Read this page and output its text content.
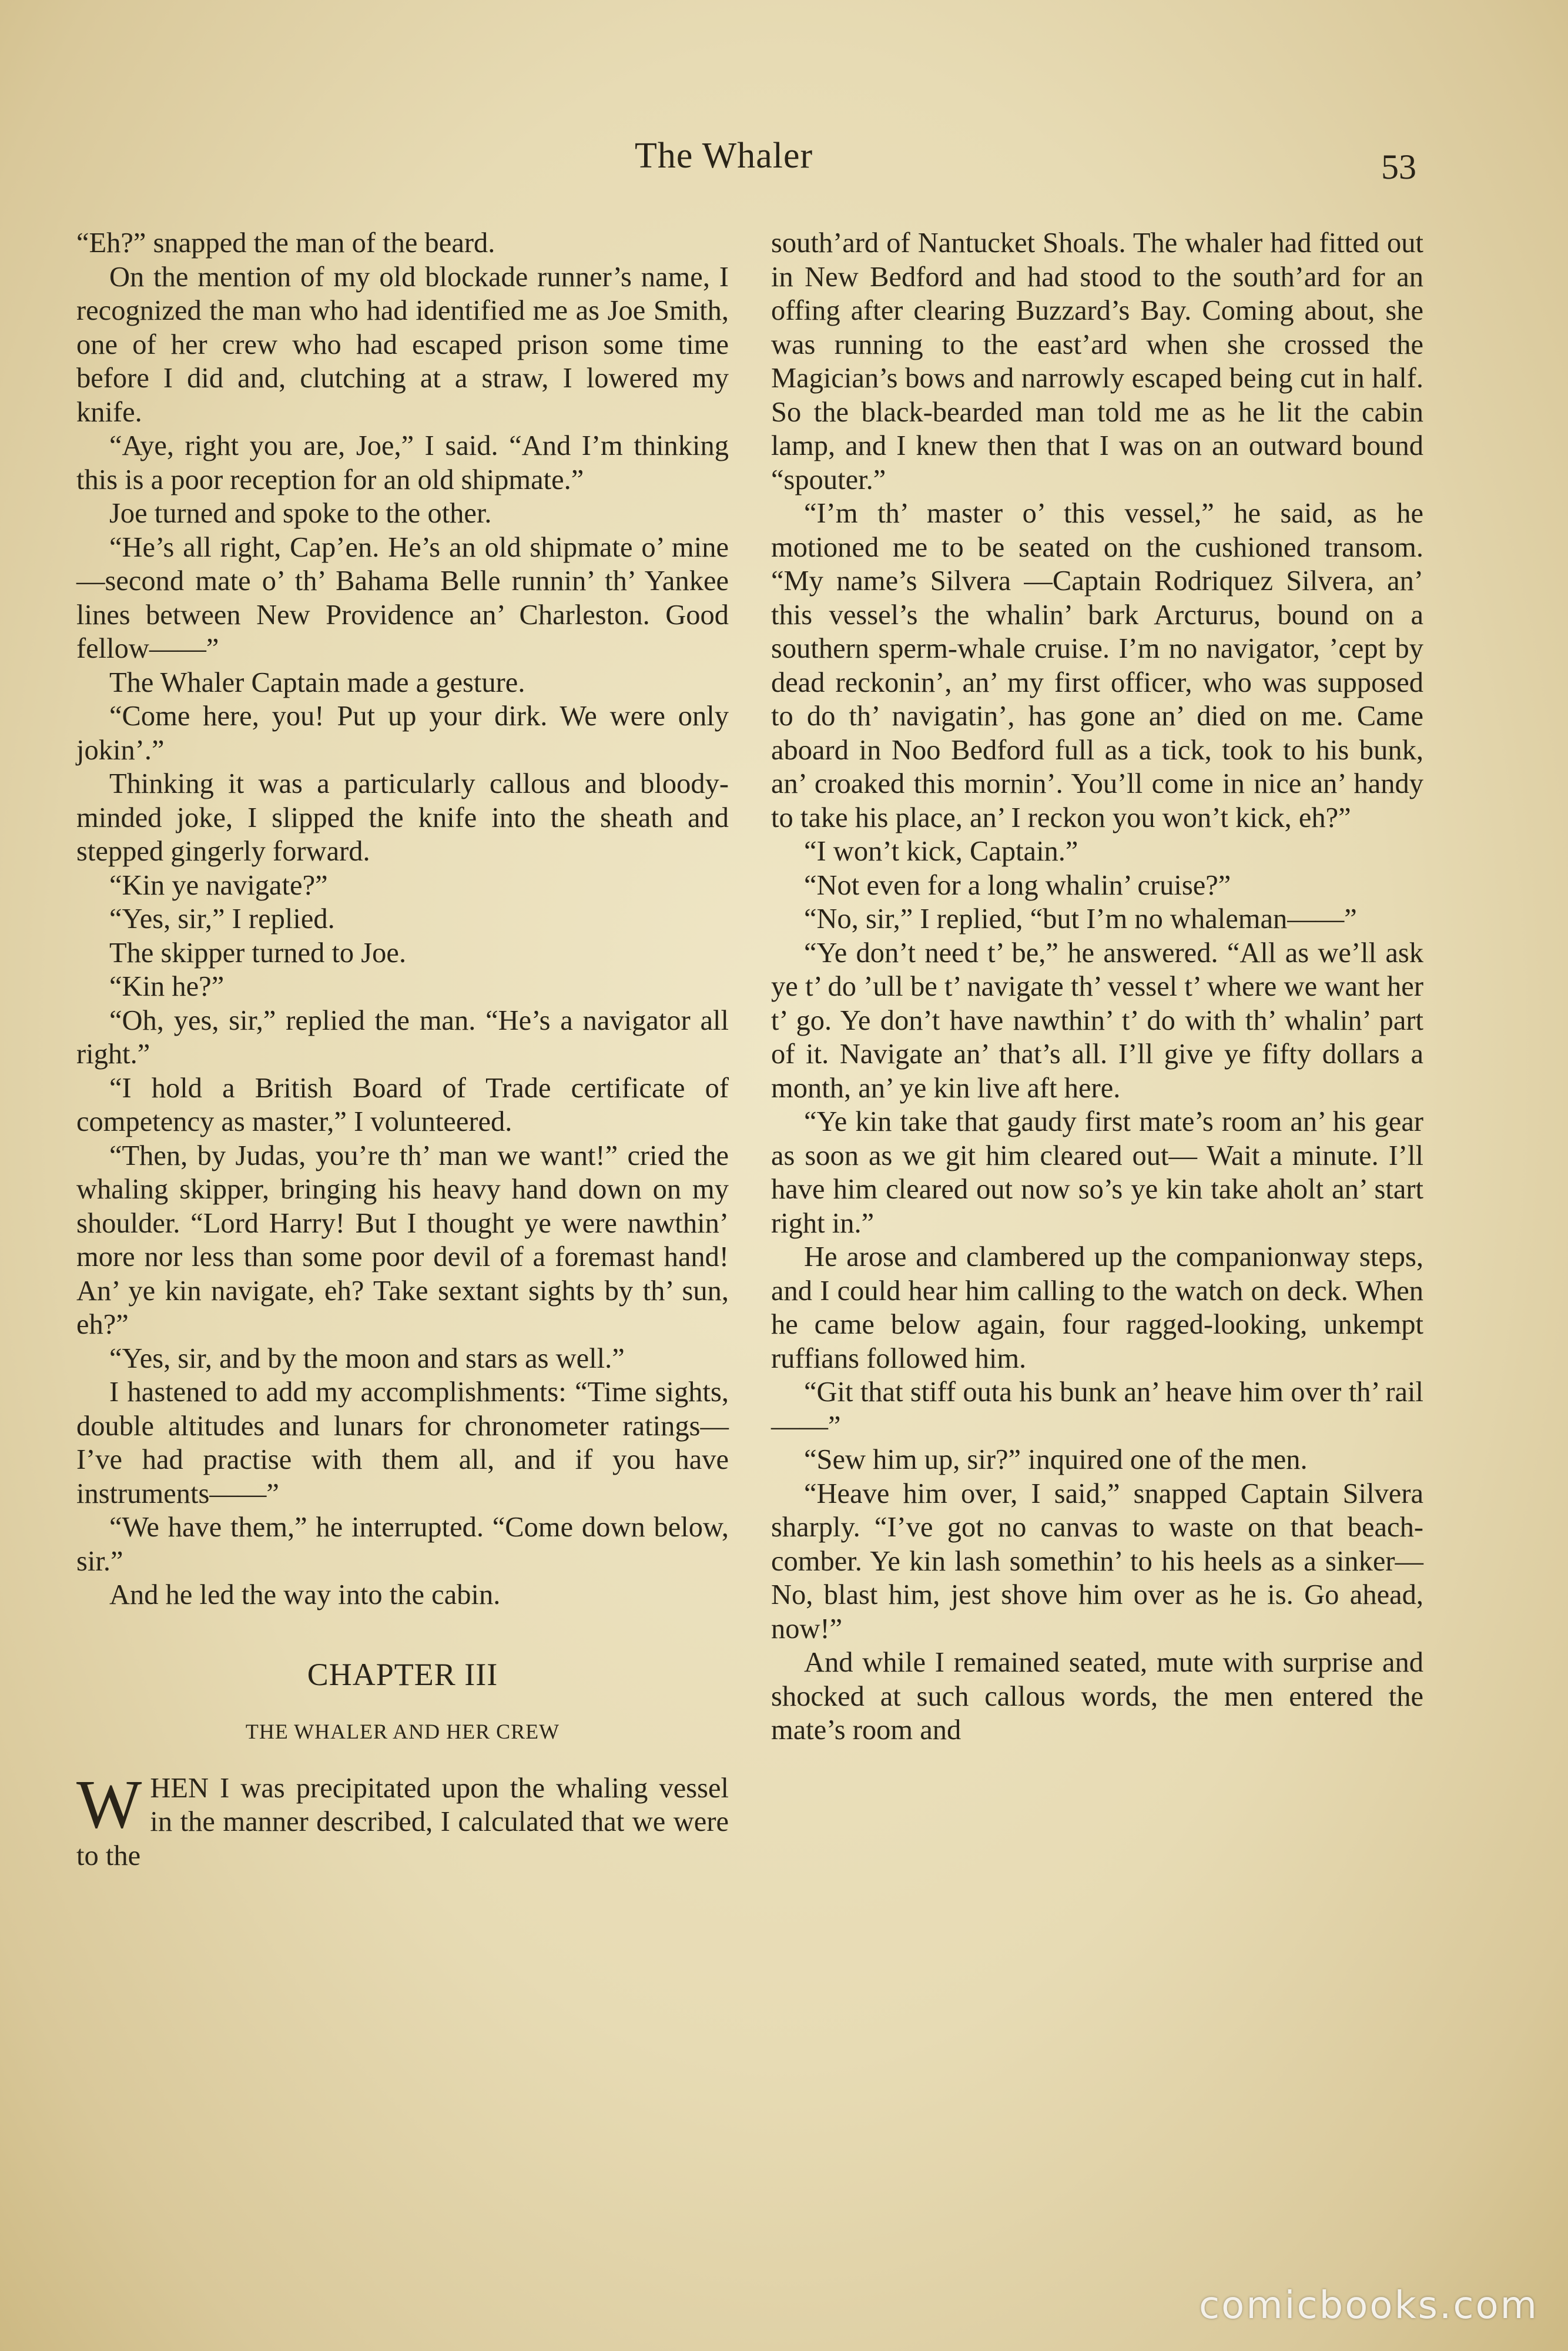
The Whaler	53

“Eh?” snapped the man of the beard.

On the mention of my old blockade runner’s name, I recognized the man who had identified me as Joe Smith, one of her crew who had escaped prison some time before I did and, clutching at a straw, I lowered my knife.

“Aye, right you are, Joe,” I said. “And I’m thinking this is a poor reception for an old shipmate.”

Joe turned and spoke to the other.

“He’s all right, Cap’en. He’s an old shipmate o’ mine—second mate o’ th’ Bahama Belle runnin’ th’ Yankee lines between New Providence an’ Charleston. Good fellow——”

The Whaler Captain made a gesture.

“Come here, you! Put up your dirk. We were only jokin’.”

Thinking it was a particularly callous and bloody-minded joke, I slipped the knife into the sheath and stepped gingerly forward.

“Kin ye navigate?”

“Yes, sir,” I replied.

The skipper turned to Joe.

“Kin he?”

“Oh, yes, sir,” replied the man. “He’s a navigator all right.”

“I hold a British Board of Trade certificate of competency as master,” I volunteered.

“Then, by Judas, you’re th’ man we want!” cried the whaling skipper, bringing his heavy hand down on my shoulder. “Lord Harry! But I thought ye were nawthin’ more nor less than some poor devil of a foremast hand! An’ ye kin navigate, eh? Take sextant sights by th’ sun, eh?”

“Yes, sir, and by the moon and stars as well.”

I hastened to add my accomplishments: “Time sights, double altitudes and lunars for chronometer ratings—I’ve had practise with them all, and if you have instruments——”

“We have them,” he interrupted. “Come down below, sir.”

And he led the way into the cabin.

CHAPTER III
THE WHALER AND HER CREW

W HEN I was precipitated upon the whaling vessel in the manner described, I calculated that we were to the

south’ard of Nantucket Shoals. The whaler had fitted out in New Bedford and had stood to the south’ard for an offing after clearing Buzzard’s Bay. Coming about, she was running to the east’ard when she crossed the Magician’s bows and narrowly escaped being cut in half. So the black-bearded man told me as he lit the cabin lamp, and I knew then that I was on an outward bound “spouter.”

“I’m th’ master o’ this vessel,” he said, as he motioned me to be seated on the cushioned transom. “My name’s Silvera —Captain Rodriquez Silvera, an’ this vessel’s the whalin’ bark Arcturus, bound on a southern sperm-whale cruise. I’m no navigator, ’cept by dead reckonin’, an’ my first officer, who was supposed to do th’ navigatin’, has gone an’ died on me. Came aboard in Noo Bedford full as a tick, took to his bunk, an’ croaked this mornin’. You’ll come in nice an’ handy to take his place, an’ I reckon you won’t kick, eh?”

“I won’t kick, Captain.”

“Not even for a long whalin’ cruise?”

“No, sir,” I replied, “but I’m no whaleman——”

“Ye don’t need t’ be,” he answered. “All as we’ll ask ye t’ do ’ull be t’ navigate th’ vessel t’ where we want her t’ go. Ye don’t have nawthin’ t’ do with th’ whalin’ part of it. Navigate an’ that’s all. I’ll give ye fifty dollars a month, an’ ye kin live aft here.

“Ye kin take that gaudy first mate’s room an’ his gear as soon as we git him cleared out— Wait a minute. I’ll have him cleared out now so’s ye kin take aholt an’ start right in.”

He arose and clambered up the companionway steps, and I could hear him calling to the watch on deck. When he came below again, four ragged-looking, unkempt ruffians followed him.

“Git that stiff outa his bunk an’ heave him over th’ rail——”

“Sew him up, sir?” inquired one of the men.

“Heave him over, I said,” snapped Captain Silvera sharply. “I’ve got no canvas to waste on that beach-comber. Ye kin lash somethin’ to his heels as a sinker— No, blast him, jest shove him over as he is. Go ahead, now!”

And while I remained seated, mute with surprise and shocked at such callous words, the men entered the mate’s room and

comicbooks.com
